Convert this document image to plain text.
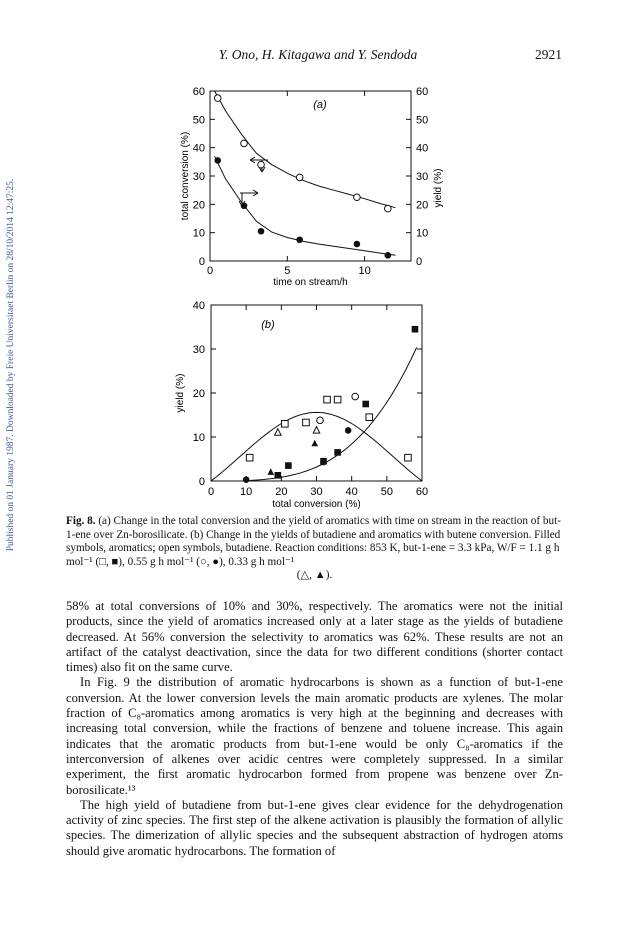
Published on 01 January 1987. Downloaded by Freie Universitaet Berlin on 28/10/2014 12:47:25.
Y. Ono, H. Kitagawa and Y. Sendoda	2921
0	0
10	10
20	20
30	30
40	40
50	50
60	60
0	5	10
time on stream/h
total conversion (%)	yield (%)
(a)
0
10
20
30
40
0 10 20 30 40 50 60
total conversion (%)
yield (%)
(b)
Fig. 8. (a) Change in the total conversion and the yield of aromatics with time on stream in the reaction of but-1-ene over Zn-borosilicate. (b) Change in the yields of butadiene and aromatics with butene conversion. Filled symbols, aromatics; open symbols, butadiene. Reaction conditions: 853 K, but-1-ene = 3.3 kPa, W/F = 1.1 g h mol⁻¹ (□, ■), 0.55 g h mol⁻¹ (○, ●), 0.33 g h mol⁻¹
(△, ▲).

58% at total conversions of 10% and 30%, respectively. The aromatics were not the initial products, since the yield of aromatics increased only at a later stage as the yields of butadiene decreased. At 56% conversion the selectivity to aromatics was 62%. These results are not an artifact of the catalyst deactivation, since the data for two different conditions (shorter contact times) also fit on the same curve.

In Fig. 9 the distribution of aromatic hydrocarbons is shown as a function of but-1-ene conversion. At the lower conversion levels the main aromatic products are xylenes. The molar fraction of C₈-aromatics among aromatics is very high at the beginning and decreases with increasing total conversion, while the fractions of benzene and toluene increase. This again indicates that the aromatic products from but-1-ene would be only C₈-aromatics if the interconversion of alkenes over acidic centres were completely suppressed. In a similar experiment, the first aromatic hydrocarbon formed from propene was benzene over Zn-borosilicate.¹³

The high yield of butadiene from but-1-ene gives clear evidence for the dehydrogenation activity of zinc species. The first step of the alkene activation is plausibly the formation of allylic species. The dimerization of allylic species and the subsequent abstraction of hydrogen atoms should give aromatic hydrocarbons. The formation of
